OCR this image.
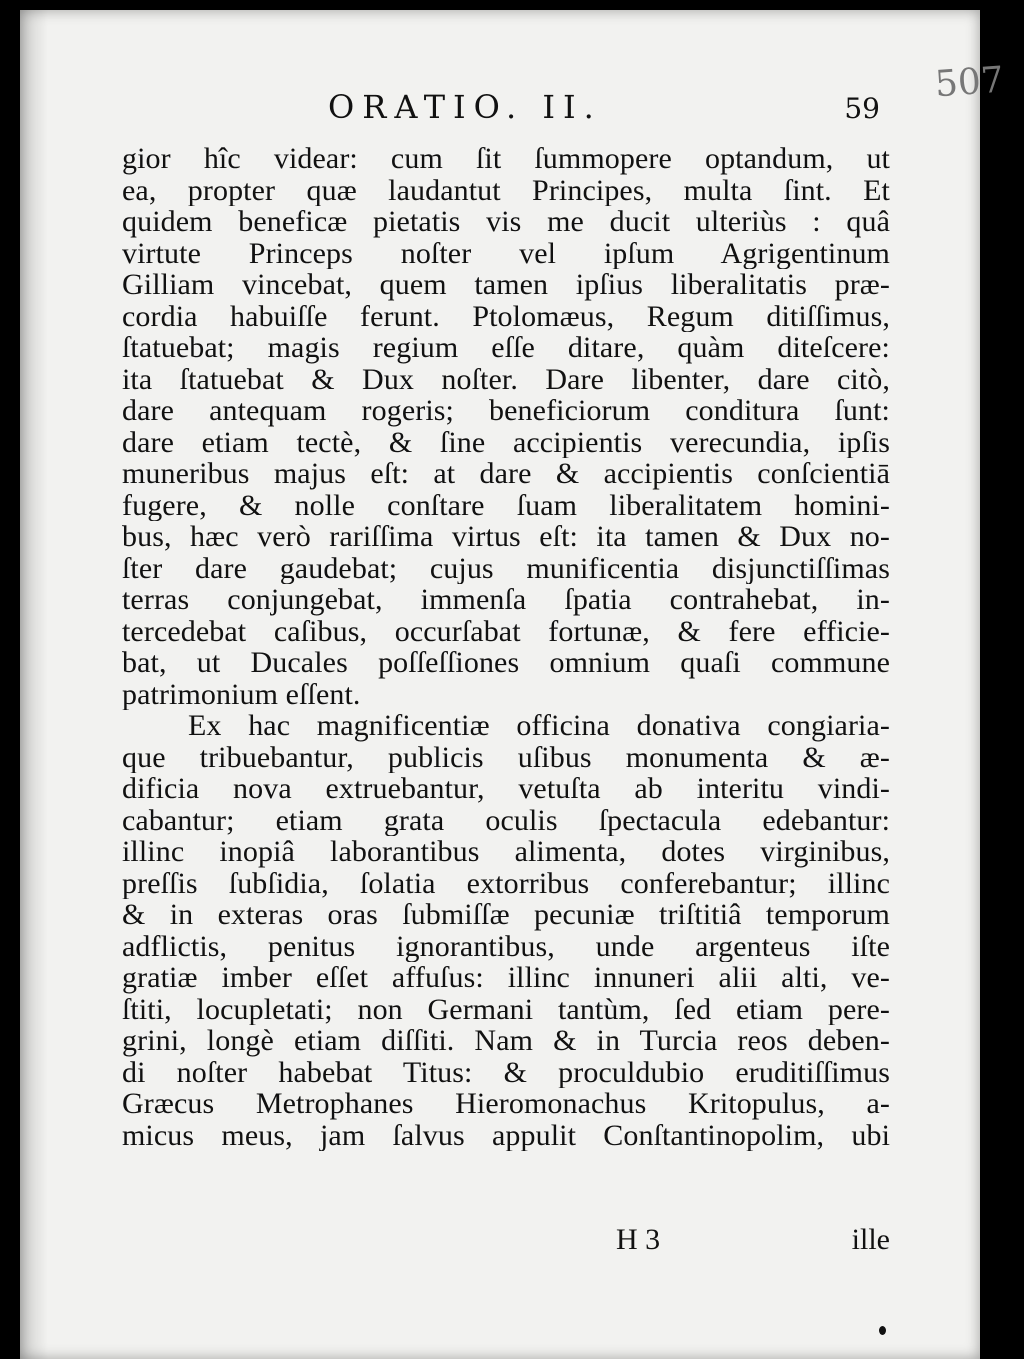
ORATIO. II.	59
gior hîc videar: cum ſit ſummopere optandum, ut
ea, propter quæ laudantut Principes, multa ſint. Et
quidem beneficæ pietatis vis me ducit ulteriùs : quâ
virtute Princeps noſter vel ipſum Agrigentinum
Gilliam vincebat, quem tamen ipſius liberalitatis præ-
cordia habuiſſe ferunt. Ptolomæus, Regum ditiſſimus,
ſtatuebat; magis regium eſſe ditare, quàm diteſcere:
ita ſtatuebat & Dux noſter. Dare libenter, dare citò,
dare antequam rogeris; beneficiorum conditura ſunt:
dare etiam tectè, & ſine accipientis verecundia, ipſis
muneribus majus eſt: at dare & accipientis conſcientiā
fugere, & nolle conſtare ſuam liberalitatem homini-
bus, hæc verò rariſſima virtus eſt: ita tamen & Dux no-
ſter dare gaudebat; cujus munificentia disjunctiſſimas
terras conjungebat, immenſa ſpatia contrahebat, in-
tercedebat caſibus, occurſabat fortunæ, & fere efficie-
bat, ut Ducales poſſeſſiones omnium quaſi commune
patrimonium eſſent.
Ex hac magnificentiæ officina donativa congiaria-
que tribuebantur, publicis uſibus monumenta & æ-
dificia nova extruebantur, vetuſta ab interitu vindi-
cabantur; etiam grata oculis ſpectacula edebantur:
illinc inopiâ laborantibus alimenta, dotes virginibus,
preſſis ſubſidia, ſolatia extorribus conferebantur; illinc
& in exteras oras ſubmiſſæ pecuniæ triſtitiâ temporum
adflictis, penitus ignorantibus, unde argenteus iſte
gratiæ imber eſſet affuſus: illinc innuneri alii alti, ve-
ſtiti, locupletati; non Germani tantùm, ſed etiam pere-
grini, longè etiam diſſiti. Nam & in Turcia reos deben-
di noſter habebat Titus: & proculdubio eruditiſſimus
Græcus Metrophanes Hieromonachus Kritopulus, a-
micus meus, jam ſalvus appulit Conſtantinopolim, ubi
H 3	ille
507
